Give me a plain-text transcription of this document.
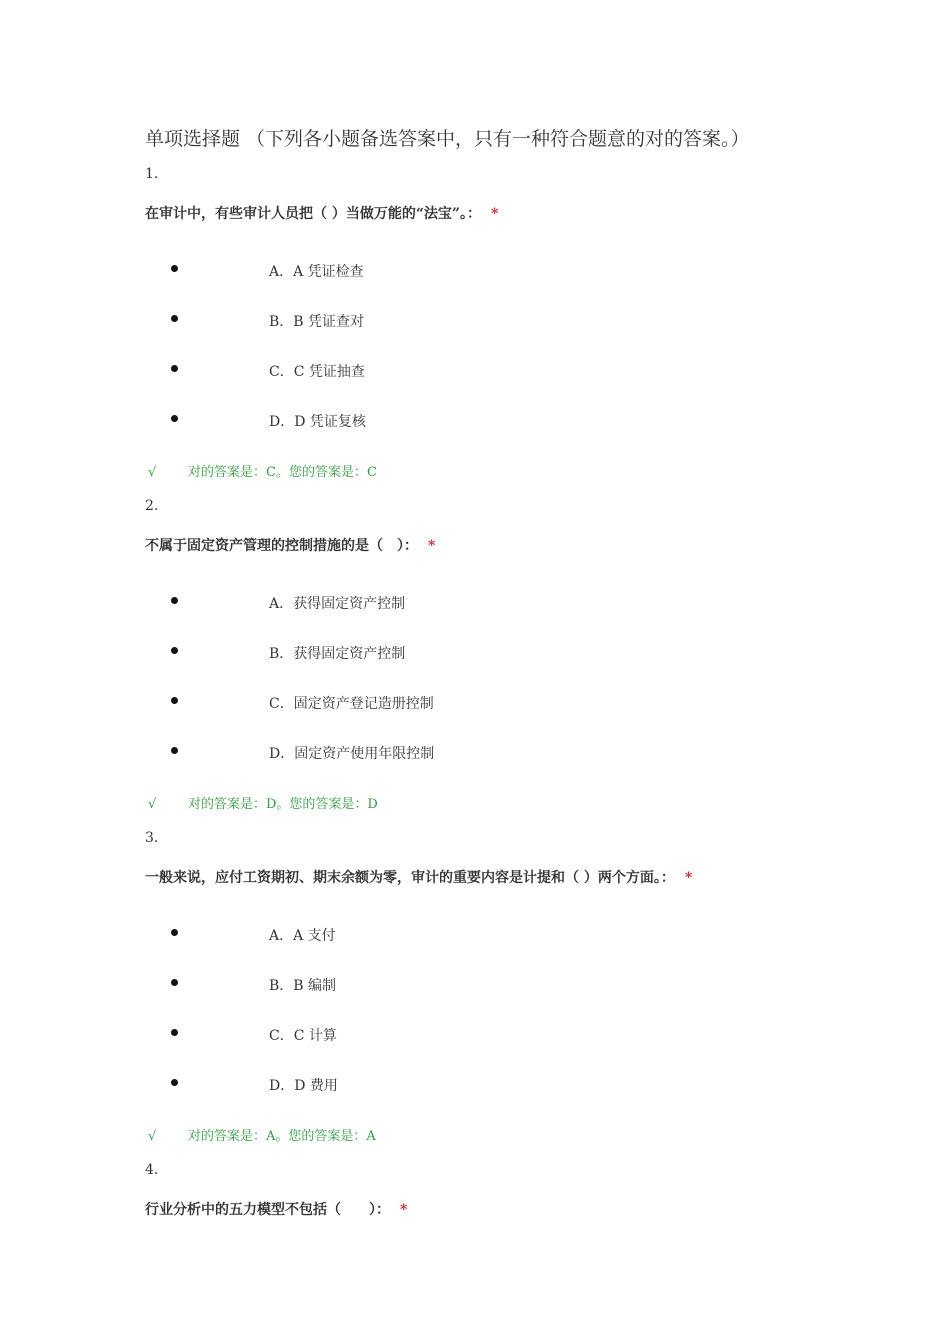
单项选择题 （下列各小题备选答案中，只有一种符合题意的对的答案。）
1.
在审计中，有些审计人员把（ ）当做万能的“法宝”。： *
A．A 凭证检查
B．B 凭证查对
C．C 凭证抽查
D．D 凭证复核
√ 对的答案是：C。您的答案是：C
2.
不属于固定资产管理的控制措施的是（　）： *
A．获得固定资产控制
B．获得固定资产控制
C．固定资产登记造册控制
D．固定资产使用年限控制
√ 对的答案是：D。您的答案是：D
3.
一般来说，应付工资期初、期末余额为零，审计的重要内容是计提和（ ）两个方面。： *
A．A 支付
B．B 编制
C．C 计算
D．D 费用
√ 对的答案是：A。您的答案是：A
4.
行业分析中的五力模型不包括（　　）： *
